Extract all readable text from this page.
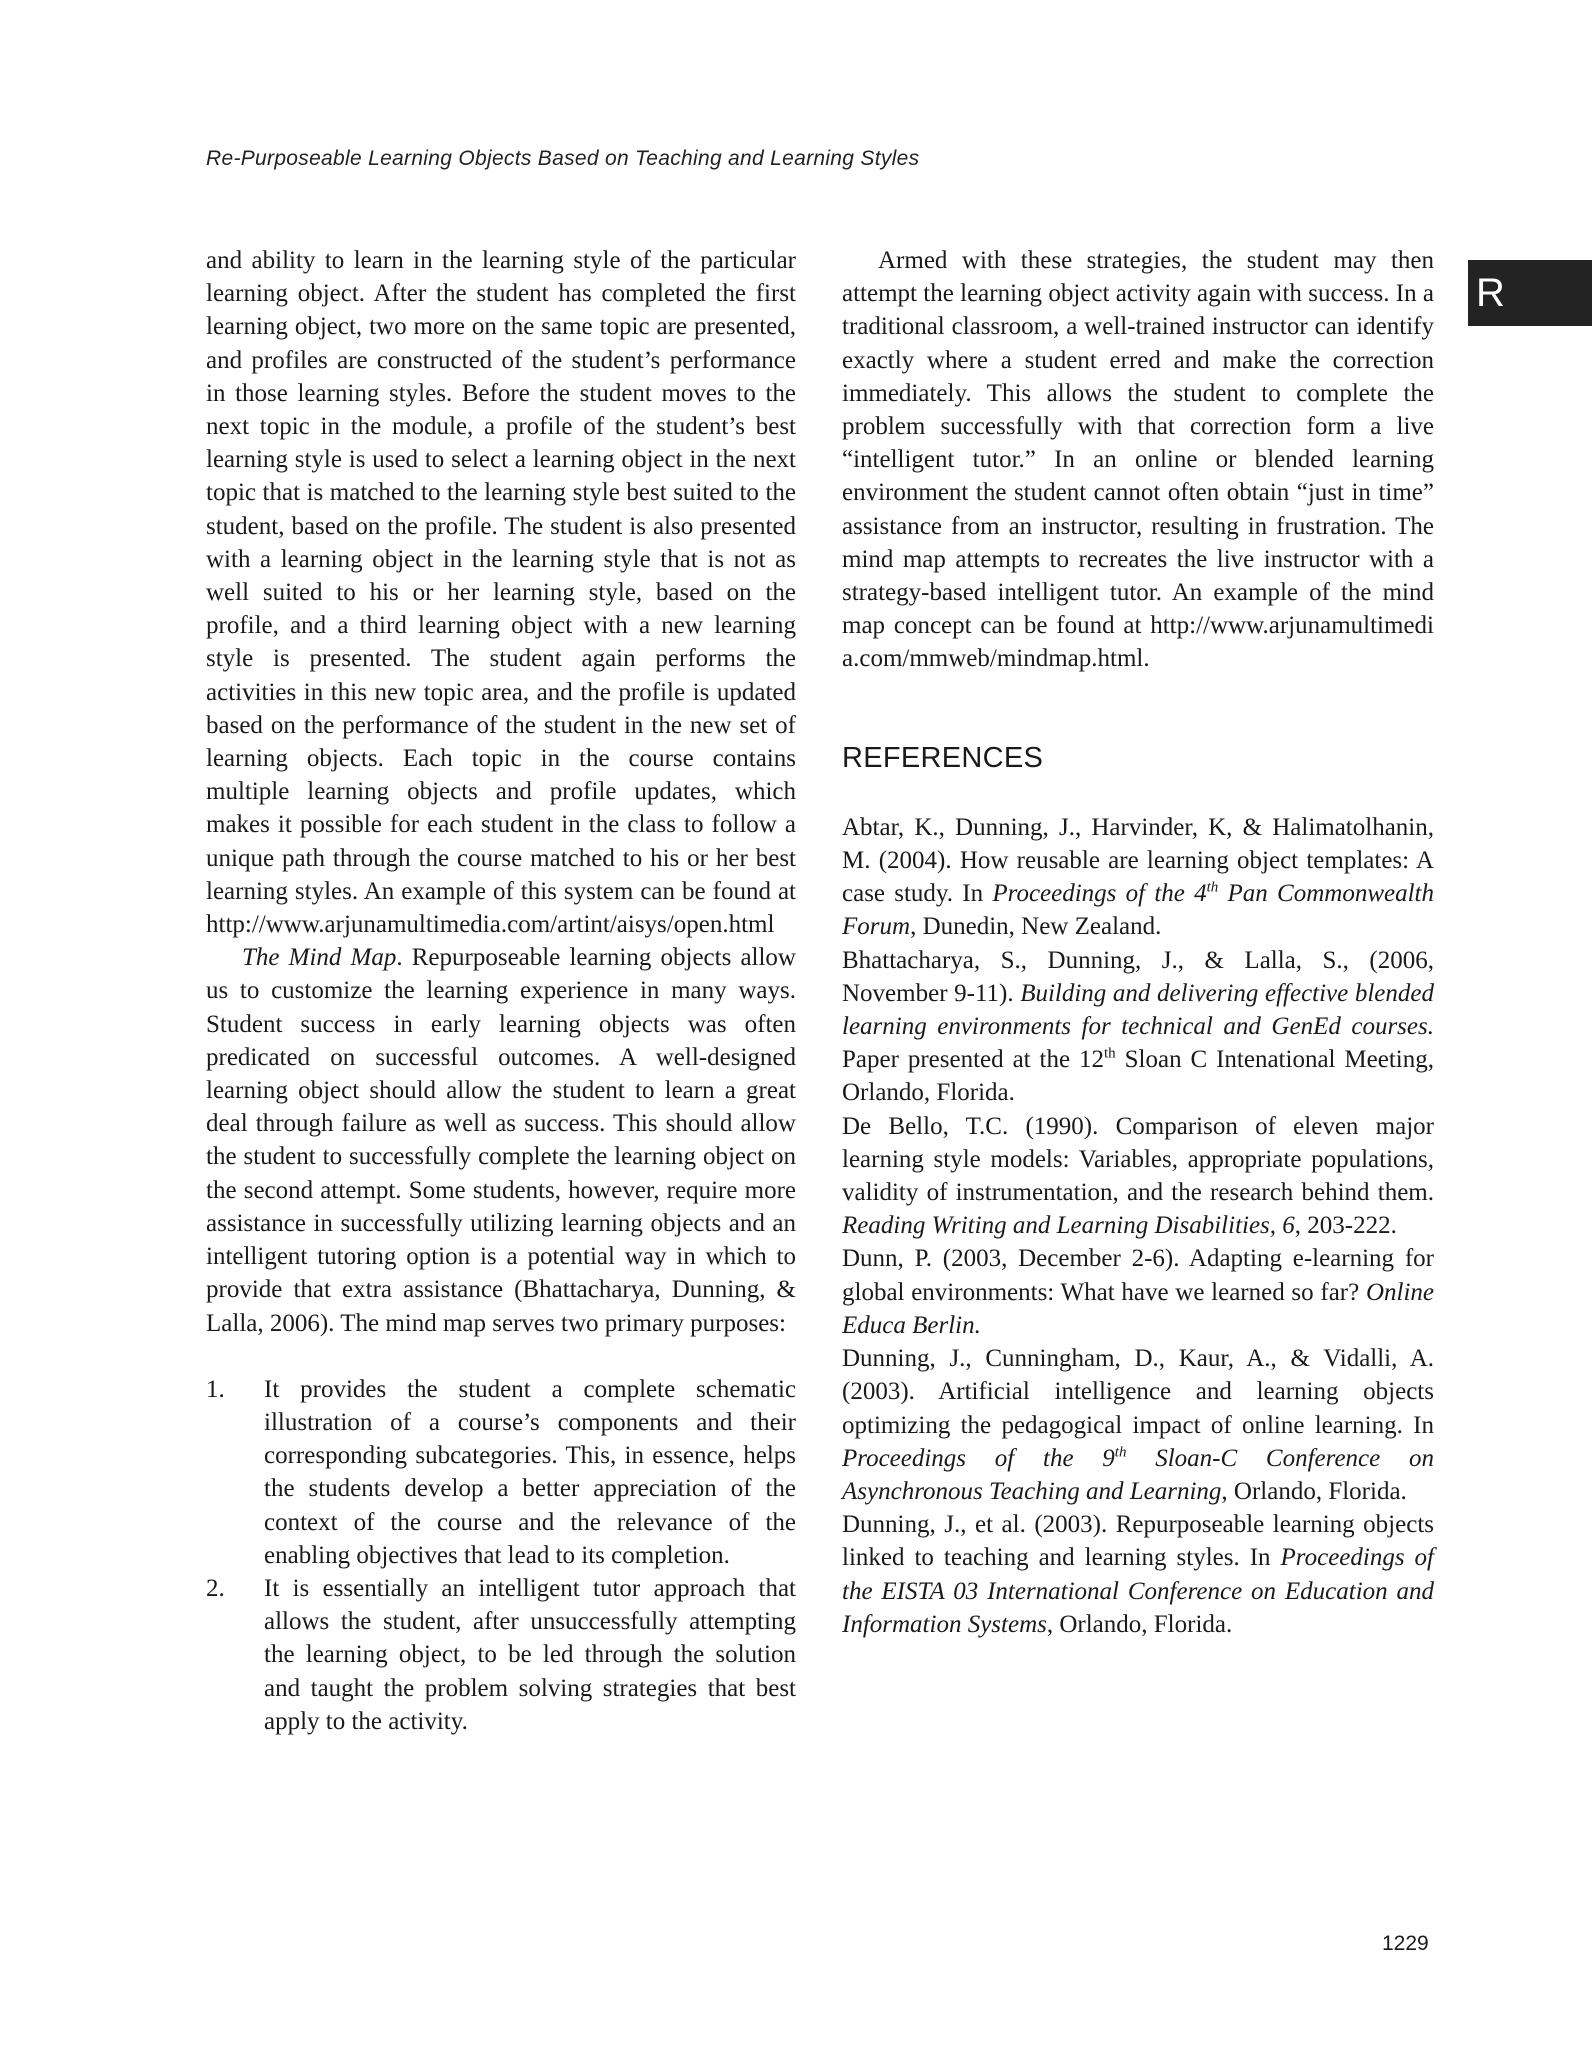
Re-Purposeable Learning Objects Based on Teaching and Learning Styles
R

and ability to learn in the learning style of the particular learning object. After the student has completed the first learning object, two more on the same topic are presented, and profiles are constructed of the student’s performance in those learning styles. Before the student moves to the next topic in the module, a profile of the student’s best learning style is used to select a learning object in the next topic that is matched to the learning style best suited to the student, based on the profile. The student is also presented with a learning object in the learning style that is not as well suited to his or her learning style, based on the profile, and a third learning object with a new learning style is presented. The student again performs the activities in this new topic area, and the profile is updated based on the performance of the student in the new set of learning objects. Each topic in the course contains multiple learning objects and profile updates, which makes it possible for each student in the class to follow a unique path through the course matched to his or her best learning styles. An example of this system can be found at http://www.arjunamultimedia.com/artint/aisys/open.html

The Mind Map. Repurposeable learning objects allow us to customize the learning experience in many ways. Student success in early learning objects was often predicated on successful outcomes. A well-designed learning object should allow the student to learn a great deal through failure as well as success. This should allow the student to successfully complete the learning object on the second attempt. Some students, however, require more assistance in successfully utilizing learning objects and an intelligent tutoring option is a potential way in which to provide that extra assistance (Bhattacharya, Dunning, & Lalla, 2006). The mind map serves two primary purposes:

1. It provides the student a complete schematic illustration of a course’s components and their corresponding subcategories. This, in essence, helps the students develop a better appreciation of the context of the course and the relevance of the enabling objectives that lead to its completion.
2. It is essentially an intelligent tutor approach that allows the student, after unsuccessfully attempting the learning object, to be led through the solution and taught the problem solving strategies that best apply to the activity.

Armed with these strategies, the student may then attempt the learning object activity again with success. In a traditional classroom, a well-trained instructor can identify exactly where a student erred and make the correction immediately. This allows the student to complete the problem successfully with that correction form a live “intelligent tutor.” In an online or blended learning environment the student cannot often obtain “just in time” assistance from an instructor, resulting in frustration. The mind map attempts to recreates the live instructor with a strategy-based intelligent tutor. An example of the mind map concept can be found at http://www.arjunamultimedia.com/mmweb/mindmap.html.

REFERENCES

Abtar, K., Dunning, J., Harvinder, K, & Halimatolhanin, M. (2004). How reusable are learning object templates: A case study. In Proceedings of the 4th Pan Commonwealth Forum, Dunedin, New Zealand.

Bhattacharya, S., Dunning, J., & Lalla, S., (2006, November 9-11). Building and delivering effective blended learning environments for technical and GenEd courses. Paper presented at the 12th Sloan C Intenational Meeting, Orlando, Florida.

De Bello, T.C. (1990). Comparison of eleven major learning style models: Variables, appropriate populations, validity of instrumentation, and the research behind them. Reading Writing and Learning Disabilities, 6, 203-222.

Dunn, P. (2003, December 2-6). Adapting e-learning for global environments: What have we learned so far? Online Educa Berlin.

Dunning, J., Cunningham, D., Kaur, A., & Vidalli, A. (2003). Artificial intelligence and learning objects optimizing the pedagogical impact of online learning. In Proceedings of the 9th Sloan-C Conference on Asynchronous Teaching and Learning, Orlando, Florida.

Dunning, J., et al. (2003). Repurposeable learning objects linked to teaching and learning styles. In Proceedings of the EISTA 03 International Conference on Education and Information Systems, Orlando, Florida.

1229
